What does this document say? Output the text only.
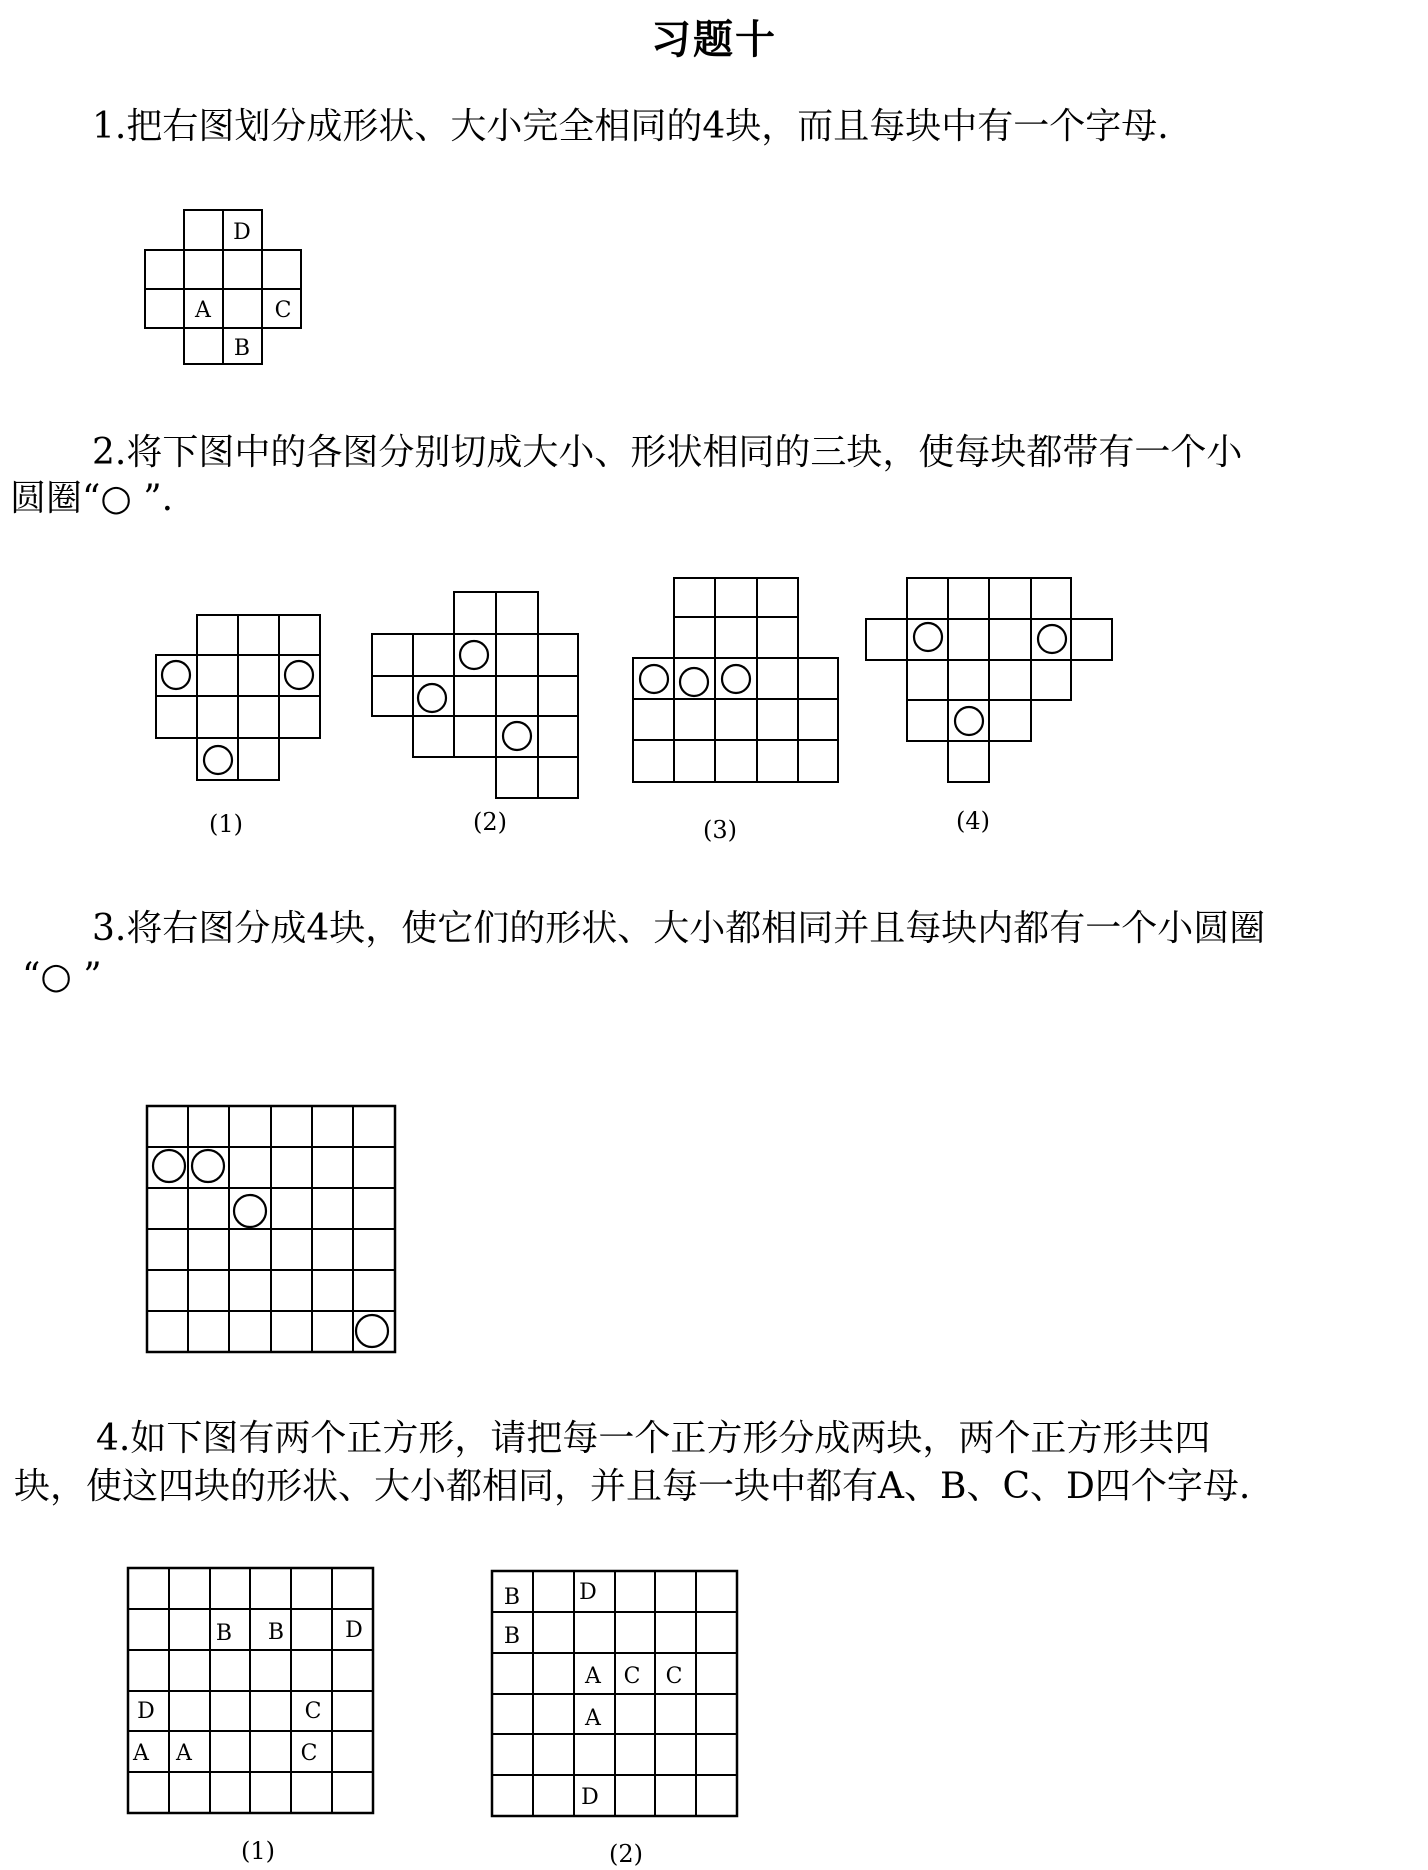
习题十
1.把右图划分成形状、大小完全相同的4块，而且每块中有一个字母.
2.将下图中的各图分别切成大小、形状相同的三块，使每块都带有一个小
圆圈“○ ”.
3.将右图分成4块，使它们的形状、大小都相同并且每块内都有一个小圆圈
“○ ”
4.如下图有两个正方形，请把每一个正方形分成两块，两个正方形共四
块，使这四块的形状、大小都相同，并且每一块中都有A、B、C、D四个字母.
D
A	C
B
(1)	(2)	(3)	(4)
B B	D
D	C
A A	C
(1)
B	D
B
A C C
A
D
(2)
